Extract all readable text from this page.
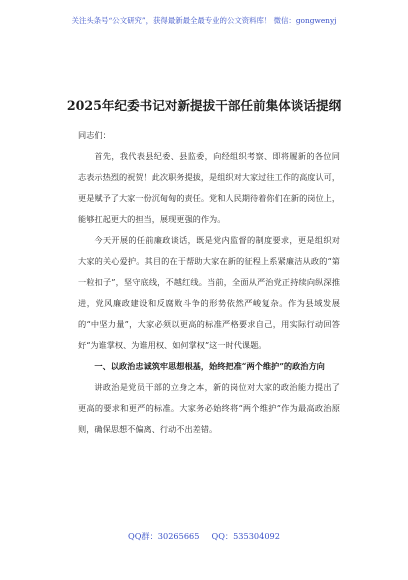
关注头条号“公文研究”，获得最新最全最专业的公文资料库！ 微信：gongwenyj
2025年纪委书记对新提拔干部任前集体谈话提纲

同志们：

首先，我代表县纪委、县监委，向经组织考察、即将履新的各位同志表示热烈的祝贺！此次职务提拔，是组织对大家过往工作的高度认可，更是赋予了大家一份沉甸甸的责任。党和人民期待着你们在新的岗位上，能够扛起更大的担当，展现更强的作为。

今天开展的任前廉政谈话，既是党内监督的制度要求，更是组织对大家的关心爱护。其目的在于帮助大家在新的征程上系紧廉洁从政的“第一粒扣子”，坚守底线，不越红线。当前，全面从严治党正持续向纵深推进，党风廉政建设和反腐败斗争的形势依然严峻复杂。作为县域发展的“中坚力量”，大家必须以更高的标准严格要求自己，用实际行动回答好“为谁掌权、为谁用权、如何掌权”这一时代课题。

一、以政治忠诚筑牢思想根基，始终把准“两个维护”的政治方向

讲政治是党员干部的立身之本，新的岗位对大家的政治能力提出了更高的要求和更严的标准。大家务必始终将“两个维护”作为最高政治原则，确保思想不偏离、行动不出差错。

QQ群：30265665 QQ：535304092
